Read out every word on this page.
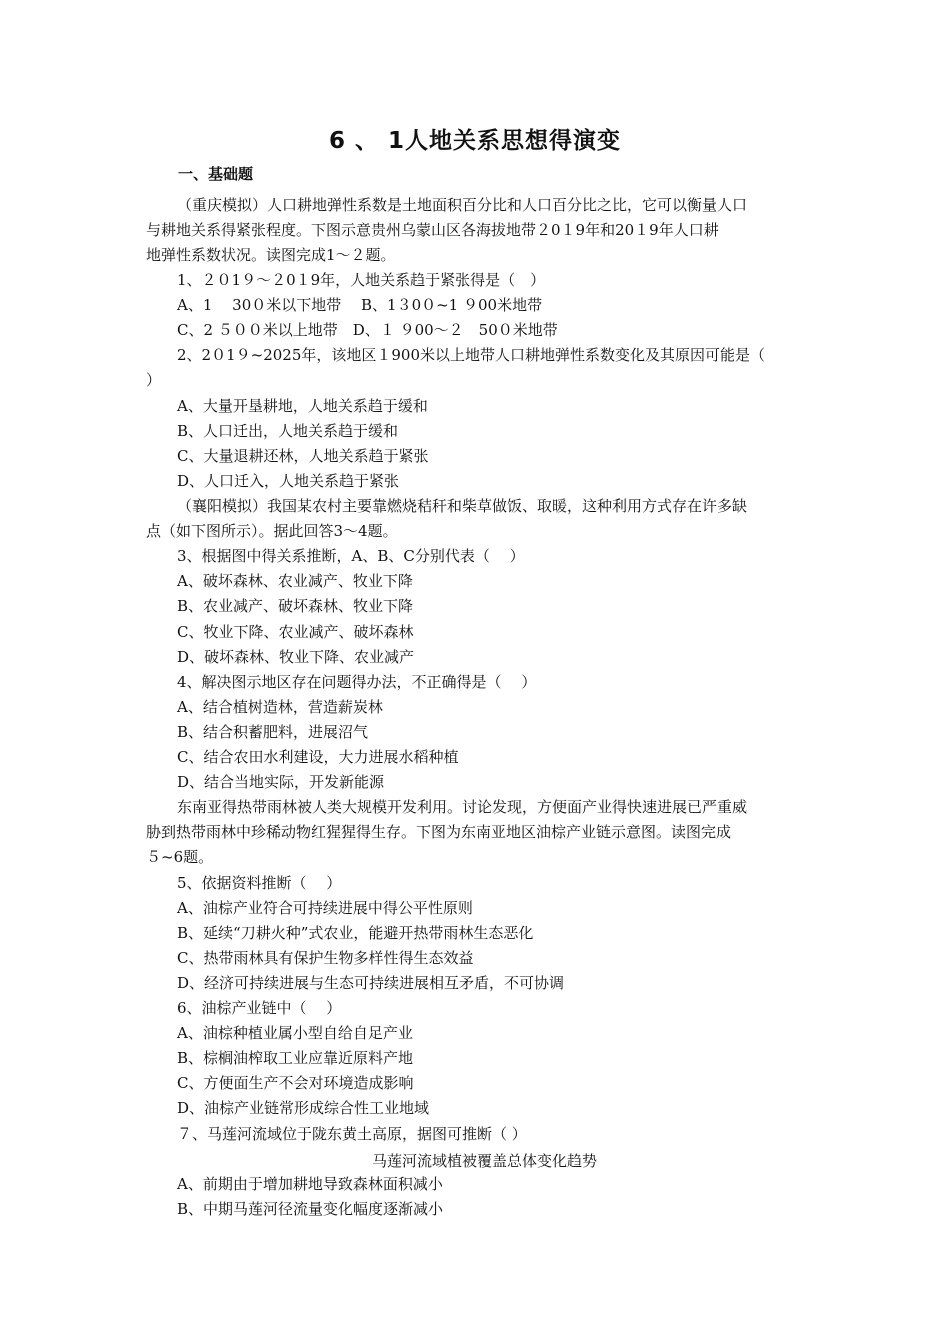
6 、 1人地关系思想得演变
一、基础题
（重庆模拟）人口耕地弹性系数是土地面积百分比和人口百分比之比，它可以衡量人口
与耕地关系得紧张程度。下图示意贵州乌蒙山区各海拔地带２0１9年和20１9年人口耕
地弹性系数状况。读图完成1～２题。
1、２０1９～２0１9年，人地关系趋于紧张得是（　）
A、1　 30０米以下地带　 B、1３0０~1 ９00米地带
C、2 ５００米以上地带　D、１ ９00～２　50０米地带
2、2０1９~2025年，该地区１900米以上地带人口耕地弹性系数变化及其原因可能是（
）
A、大量开垦耕地，人地关系趋于缓和
B、人口迁出，人地关系趋于缓和
C、大量退耕还林，人地关系趋于紧张
D、人口迁入，人地关系趋于紧张
（襄阳模拟）我国某农村主要靠燃烧秸秆和柴草做饭、取暖，这种利用方式存在许多缺
点（如下图所示）。据此回答3～4题。
3、根据图中得关系推断，A、B、C分别代表（　 ）
A、破坏森林、农业减产、牧业下降
B、农业减产、破坏森林、牧业下降
C、牧业下降、农业减产、破坏森林
D、破坏森林、牧业下降、农业减产
4、解决图示地区存在问题得办法，不正确得是（　 ）
A、结合植树造林，营造薪炭林
B、结合积蓄肥料，进展沼气
C、结合农田水利建设，大力进展水稻种植
D、结合当地实际，开发新能源
东南亚得热带雨林被人类大规模开发利用。讨论发现，方便面产业得快速进展已严重威
胁到热带雨林中珍稀动物红猩猩得生存。下图为东南亚地区油棕产业链示意图。读图完成
５~6题。
5、依据资料推断（　 ）
A、油棕产业符合可持续进展中得公平性原则
B、延续“刀耕火种”式农业，能避开热带雨林生态恶化
C、热带雨林具有保护生物多样性得生态效益
D、经济可持续进展与生态可持续进展相互矛盾，不可协调
6、油棕产业链中（　 ）
A、油棕种植业属小型自给自足产业
B、棕榈油榨取工业应靠近原料产地
C、方便面生产不会对环境造成影响
D、油棕产业链常形成综合性工业地域
７、马莲河流域位于陇东黄土高原，据图可推断（ ）
马莲河流域植被覆盖总体变化趋势
A、前期由于增加耕地导致森林面积减小
B、中期马莲河径流量变化幅度逐渐减小
